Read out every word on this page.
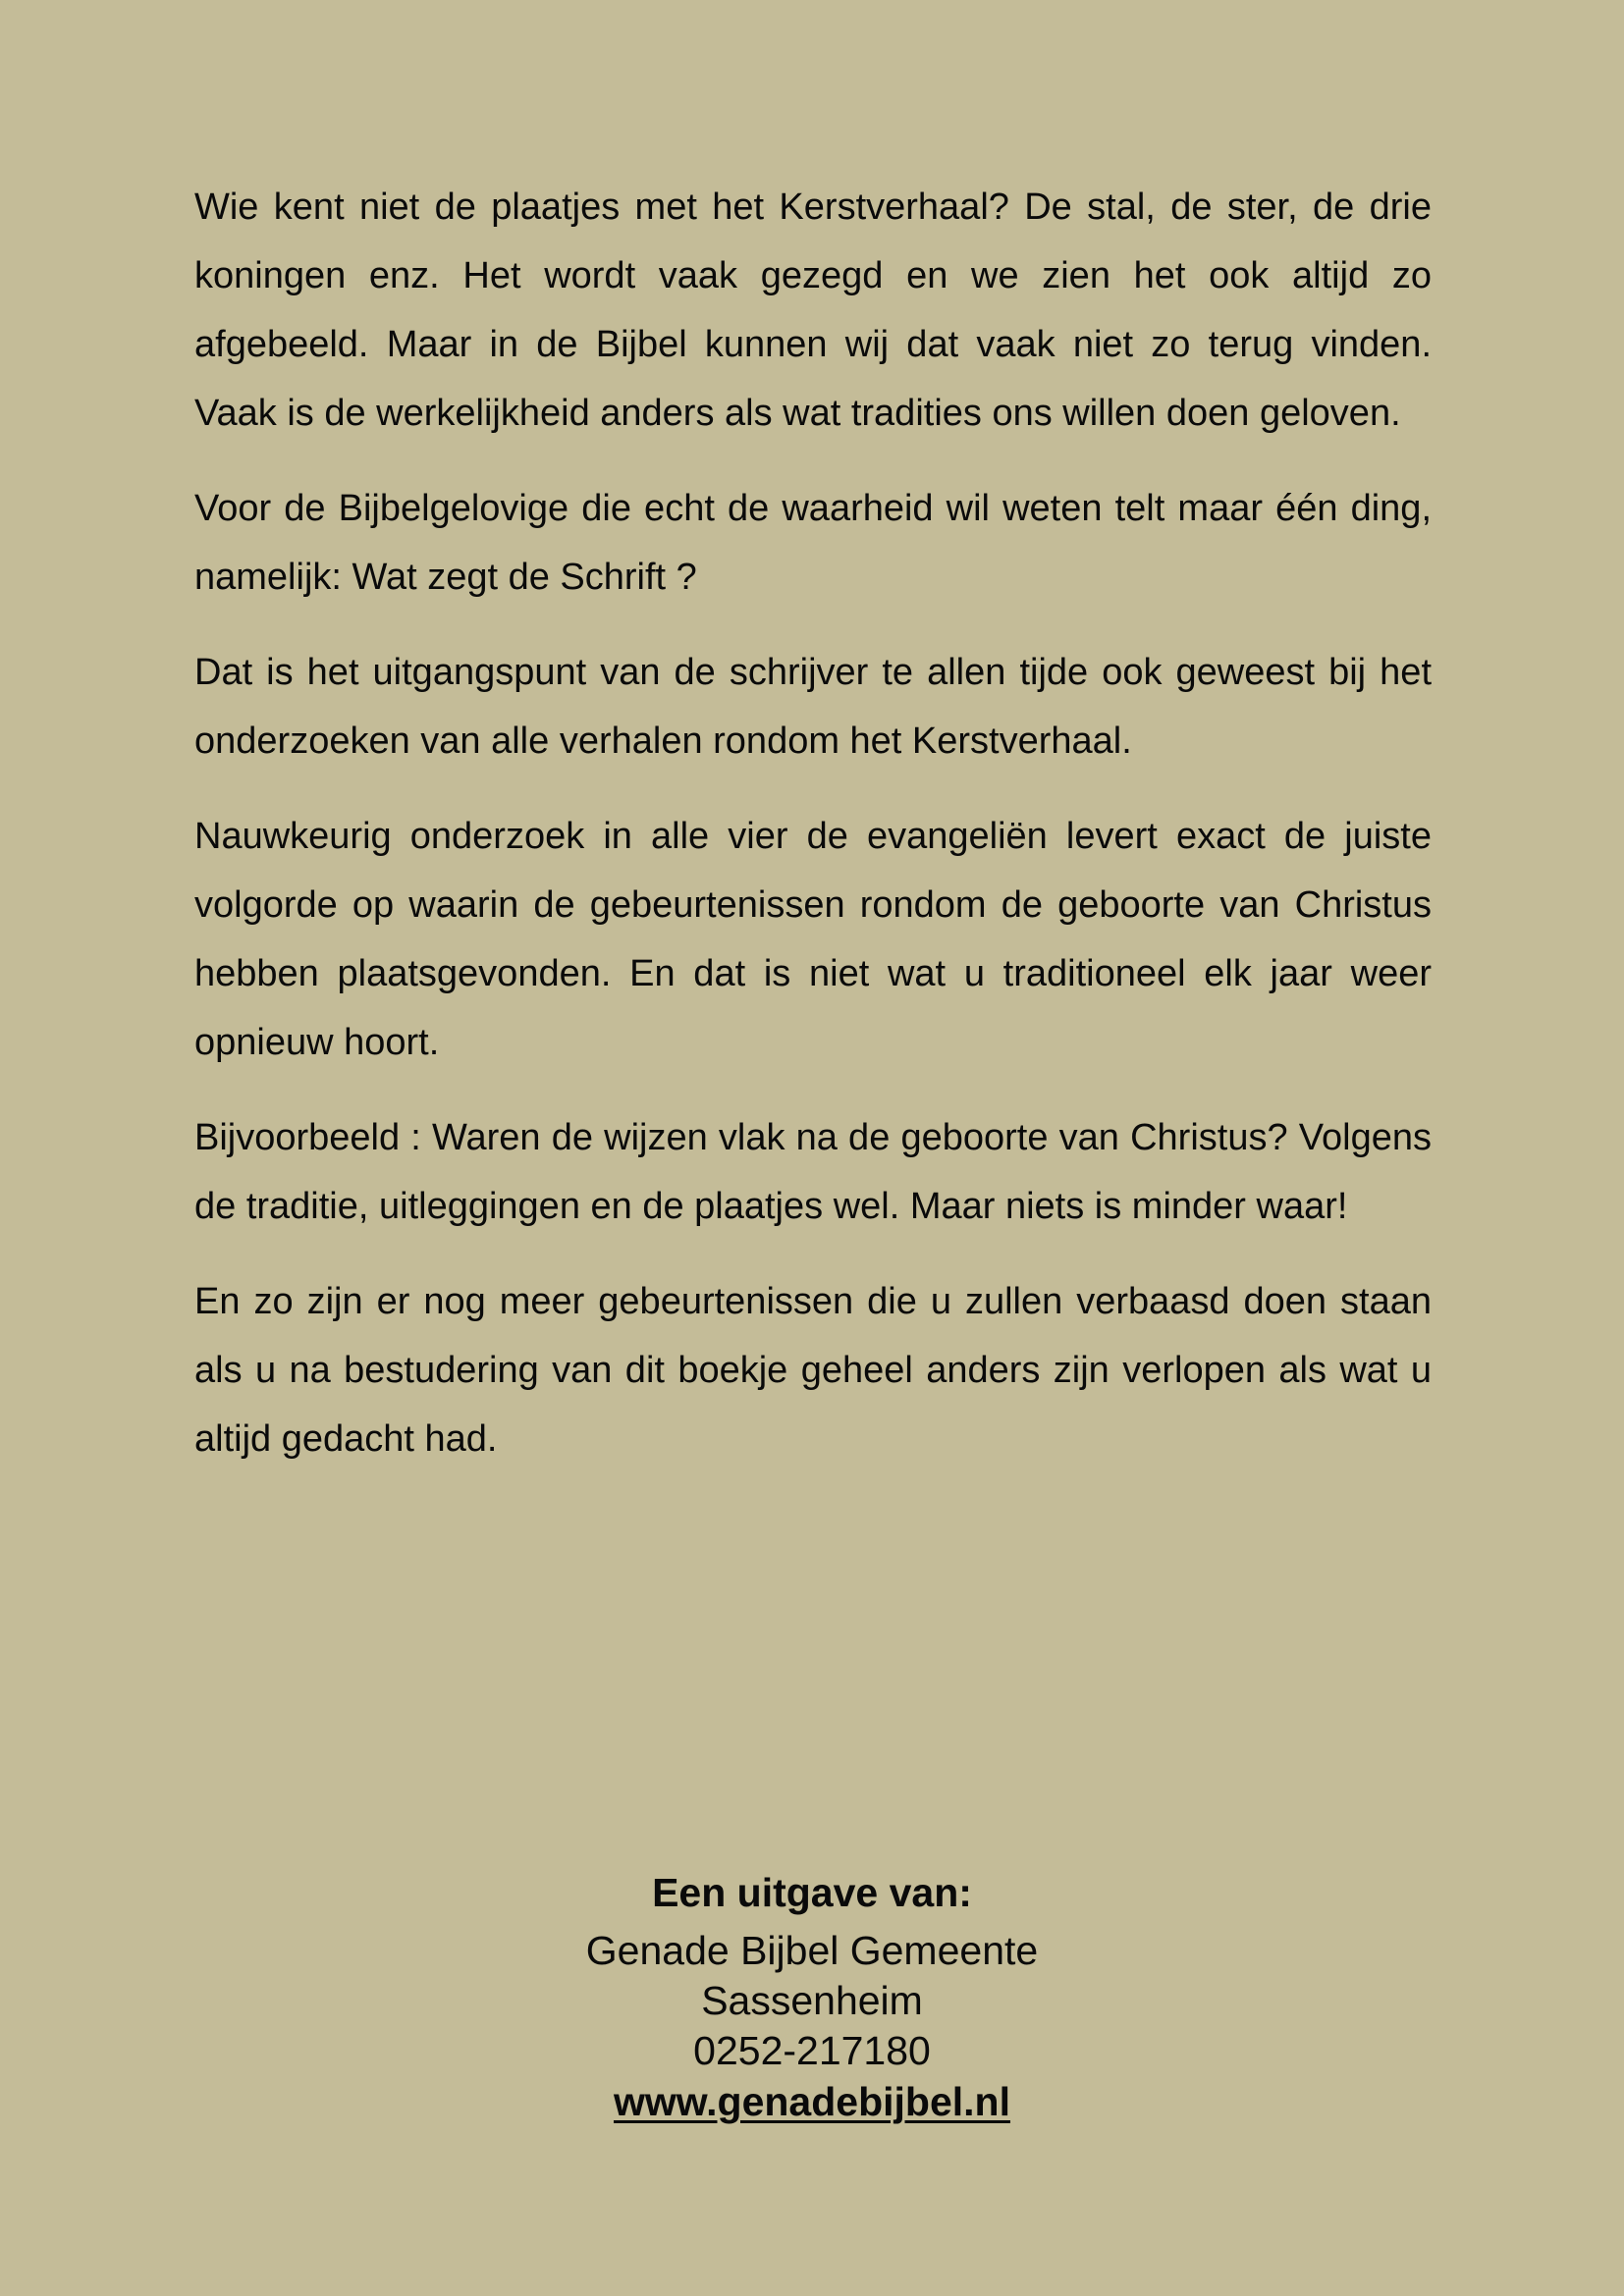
Wie kent niet de plaatjes met het Kerstverhaal? De stal, de ster, de drie koningen enz. Het wordt vaak gezegd en we zien het ook altijd zo afgebeeld. Maar in de Bijbel kunnen wij dat vaak niet zo terug vinden. Vaak is de werkelijkheid anders als wat tradities ons willen doen geloven.

Voor de Bijbelgelovige die echt de waarheid wil weten telt maar één ding, namelijk: Wat zegt de Schrift ?

Dat is het uitgangspunt van de schrijver te allen tijde ook geweest bij het onderzoeken van alle verhalen rondom het Kerstverhaal.

Nauwkeurig onderzoek in alle vier de evangeliën levert exact de juiste volgorde op waarin de gebeurtenissen rondom de geboorte van Christus hebben plaatsgevonden. En dat is niet wat u traditioneel elk jaar weer opnieuw hoort.

Bijvoorbeeld : Waren de wijzen vlak na de geboorte van Christus? Volgens de traditie, uitleggingen en de plaatjes wel. Maar niets is minder waar!

En zo zijn er nog meer gebeurtenissen die u zullen verbaasd doen staan als u na bestudering van dit boekje geheel anders zijn verlopen als wat u altijd gedacht had.

Een uitgave van:
Genade Bijbel Gemeente
Sassenheim
0252-217180
www.genadebijbel.nl
